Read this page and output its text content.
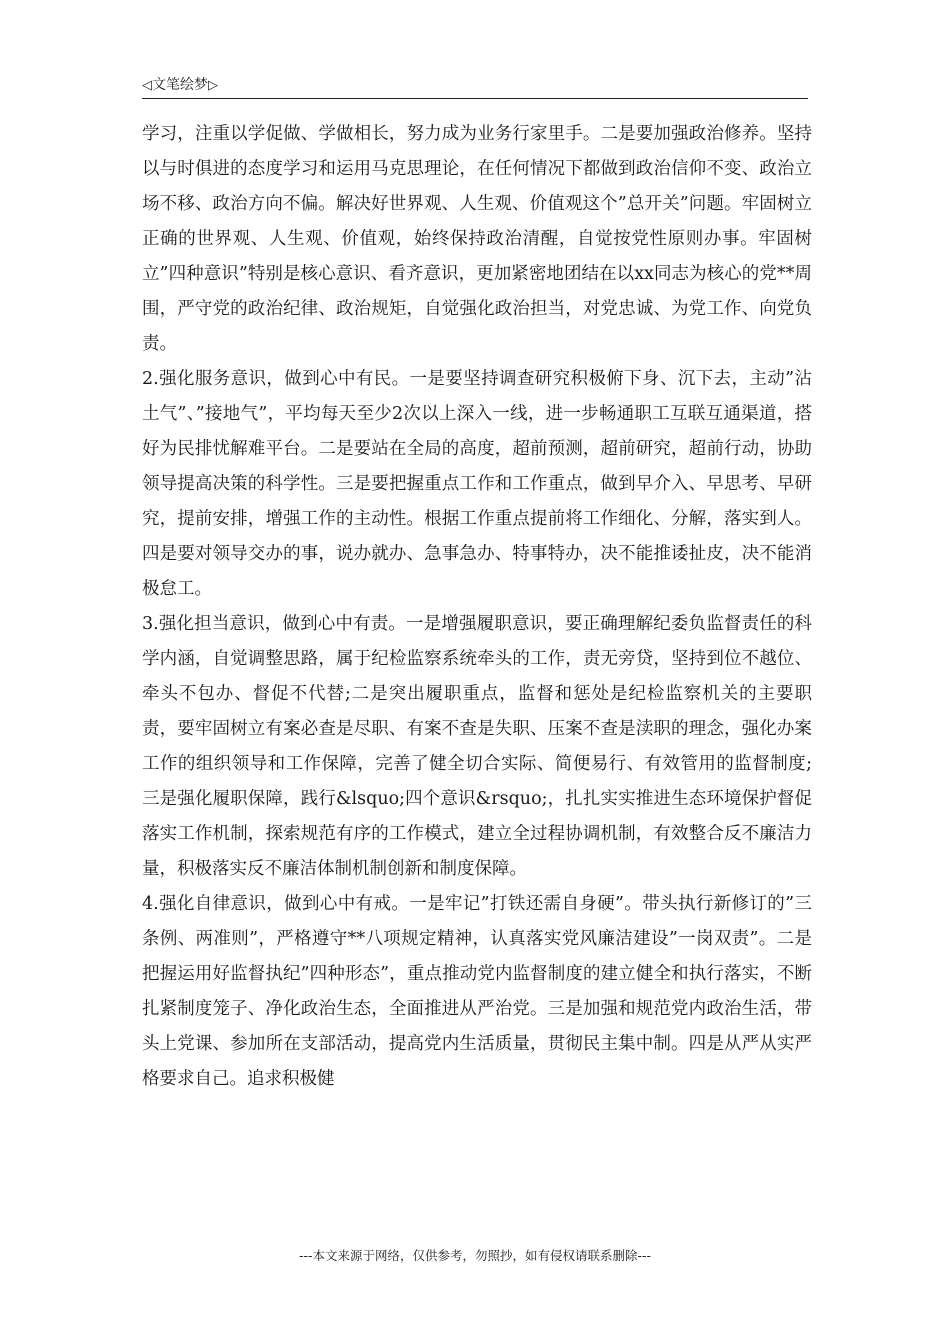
◁文笔绘梦▷

学习，注重以学促做、学做相长，努力成为业务行家里手。二是要加强政治修养。坚持以与时俱进的态度学习和运用马克思理论，在任何情况下都做到政治信仰不变、政治立场不移、政治方向不偏。解决好世界观、人生观、价值观这个”总开关”问题。牢固树立正确的世界观、人生观、价值观，始终保持政治清醒，自觉按党性原则办事。牢固树立”四种意识”特别是核心意识、看齐意识，更加紧密地团结在以xx同志为核心的党**周围，严守党的政治纪律、政治规矩，自觉强化政治担当，对党忠诚、为党工作、向党负责。

2.强化服务意识，做到心中有民。一是要坚持调查研究积极俯下身、沉下去，主动”沾土气”、”接地气”，平均每天至少2次以上深入一线，进一步畅通职工互联互通渠道，搭好为民排忧解难平台。二是要站在全局的高度，超前预测，超前研究，超前行动，协助领导提高决策的科学性。三是要把握重点工作和工作重点，做到早介入、早思考、早研究，提前安排，增强工作的主动性。根据工作重点提前将工作细化、分解，落实到人。四是要对领导交办的事，说办就办、急事急办、特事特办，决不能推诿扯皮，决不能消极怠工。

3.强化担当意识，做到心中有责。一是增强履职意识，要正确理解纪委负监督责任的科学内涵，自觉调整思路，属于纪检监察系统牵头的工作，责无旁贷，坚持到位不越位、牵头不包办、督促不代替;二是突出履职重点，监督和惩处是纪检监察机关的主要职责，要牢固树立有案必查是尽职、有案不查是失职、压案不查是渎职的理念，强化办案工作的组织领导和工作保障，完善了健全切合实际、简便易行、有效管用的监督制度;三是强化履职保障，践行&lsquo;四个意识&rsquo;，扎扎实实推进生态环境保护督促落实工作机制，探索规范有序的工作模式，建立全过程协调机制，有效整合反不廉洁力量，积极落实反不廉洁体制机制创新和制度保障。

4.强化自律意识，做到心中有戒。一是牢记”打铁还需自身硬”。带头执行新修订的”三条例、两准则”，严格遵守**八项规定精神，认真落实党风廉洁建设”一岗双责”。二是把握运用好监督执纪”四种形态”，重点推动党内监督制度的建立健全和执行落实，不断扎紧制度笼子、净化政治生态，全面推进从严治党。三是加强和规范党内政治生活，带头上党课、参加所在支部活动，提高党内生活质量，贯彻民主集中制。四是从严从实严格要求自己。追求积极健

---本文来源于网络，仅供参考，勿照抄，如有侵权请联系删除---
